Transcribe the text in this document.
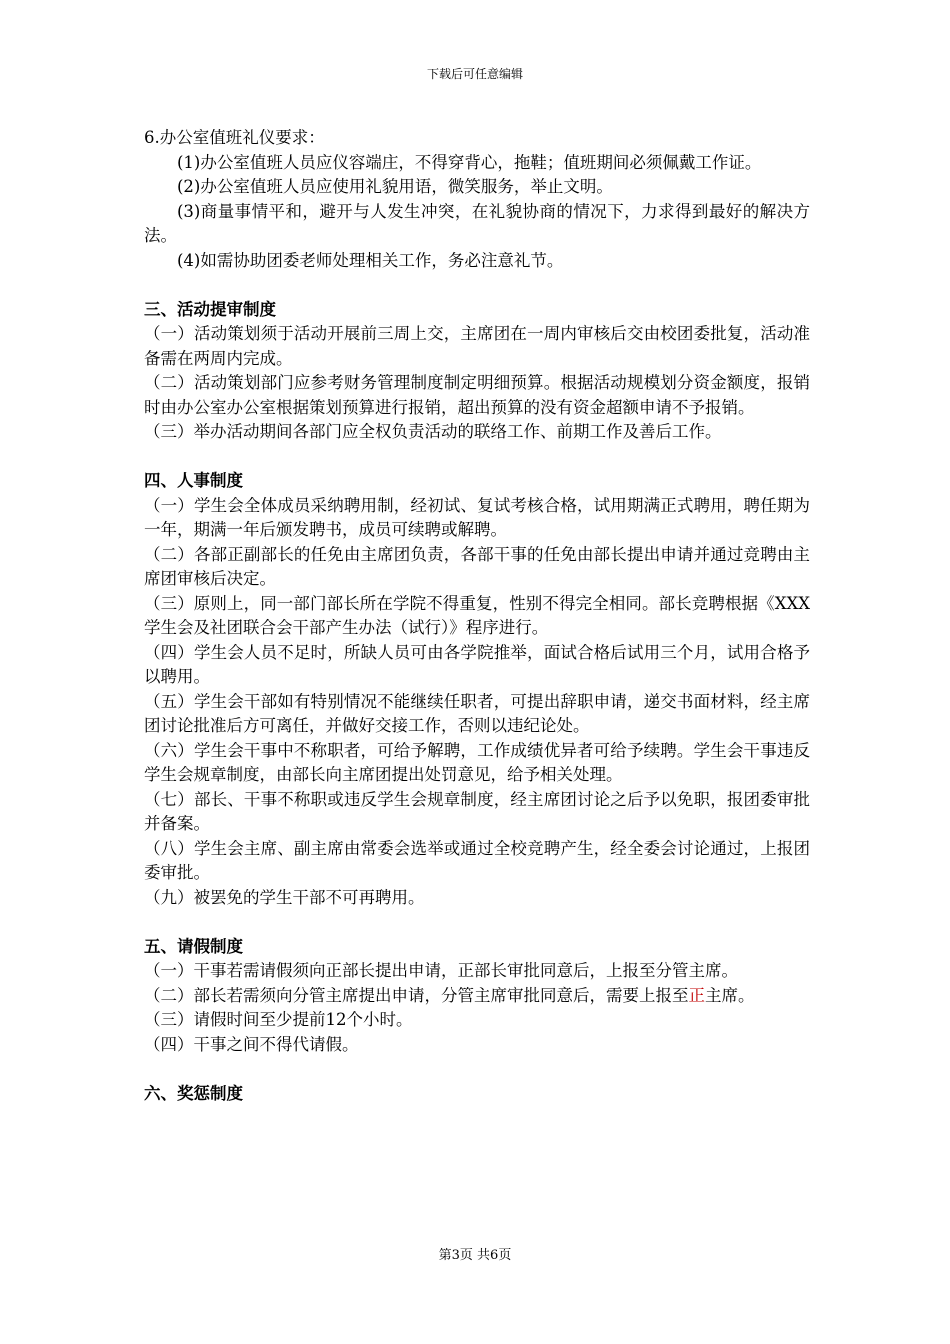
下载后可任意编辑

6.办公室值班礼仪要求：

(1)办公室值班人员应仪容端庄，不得穿背心，拖鞋；值班期间必须佩戴工作证。

(2)办公室值班人员应使用礼貌用语，微笑服务，举止文明。

(3)商量事情平和，避开与人发生冲突，在礼貌协商的情况下，力求得到最好的解决方法。

(4)如需协助团委老师处理相关工作，务必注意礼节。

三、活动提审制度

（一）活动策划须于活动开展前三周上交，主席团在一周内审核后交由校团委批复，活动准备需在两周内完成。

（二）活动策划部门应参考财务管理制度制定明细预算。根据活动规模划分资金额度，报销时由办公室办公室根据策划预算进行报销，超出预算的没有资金超额申请不予报销。

（三）举办活动期间各部门应全权负责活动的联络工作、前期工作及善后工作。

四、人事制度

（一）学生会全体成员采纳聘用制，经初试、复试考核合格，试用期满正式聘用，聘任期为一年，期满一年后颁发聘书，成员可续聘或解聘。

（二）各部正副部长的任免由主席团负责，各部干事的任免由部长提出申请并通过竞聘由主席团审核后决定。

（三）原则上，同一部门部长所在学院不得重复，性别不得完全相同。部长竞聘根据《XXX学生会及社团联合会干部产生办法（试行）》程序进行。

（四）学生会人员不足时，所缺人员可由各学院推举，面试合格后试用三个月，试用合格予以聘用。

（五）学生会干部如有特别情况不能继续任职者，可提出辞职申请，递交书面材料，经主席团讨论批准后方可离任，并做好交接工作，否则以违纪论处。

（六）学生会干事中不称职者，可给予解聘，工作成绩优异者可给予续聘。学生会干事违反学生会规章制度，由部长向主席团提出处罚意见，给予相关处理。

（七）部长、干事不称职或违反学生会规章制度，经主席团讨论之后予以免职，报团委审批并备案。

（八）学生会主席、副主席由常委会选举或通过全校竞聘产生，经全委会讨论通过，上报团委审批。

（九）被罢免的学生干部不可再聘用。

五、请假制度

（一）干事若需请假须向正部长提出申请，正部长审批同意后，上报至分管主席。

（二）部长若需须向分管主席提出申请，分管主席审批同意后，需要上报至正主席。

（三）请假时间至少提前12个小时。

（四）干事之间不得代请假。

六、奖惩制度

第3页 共6页
